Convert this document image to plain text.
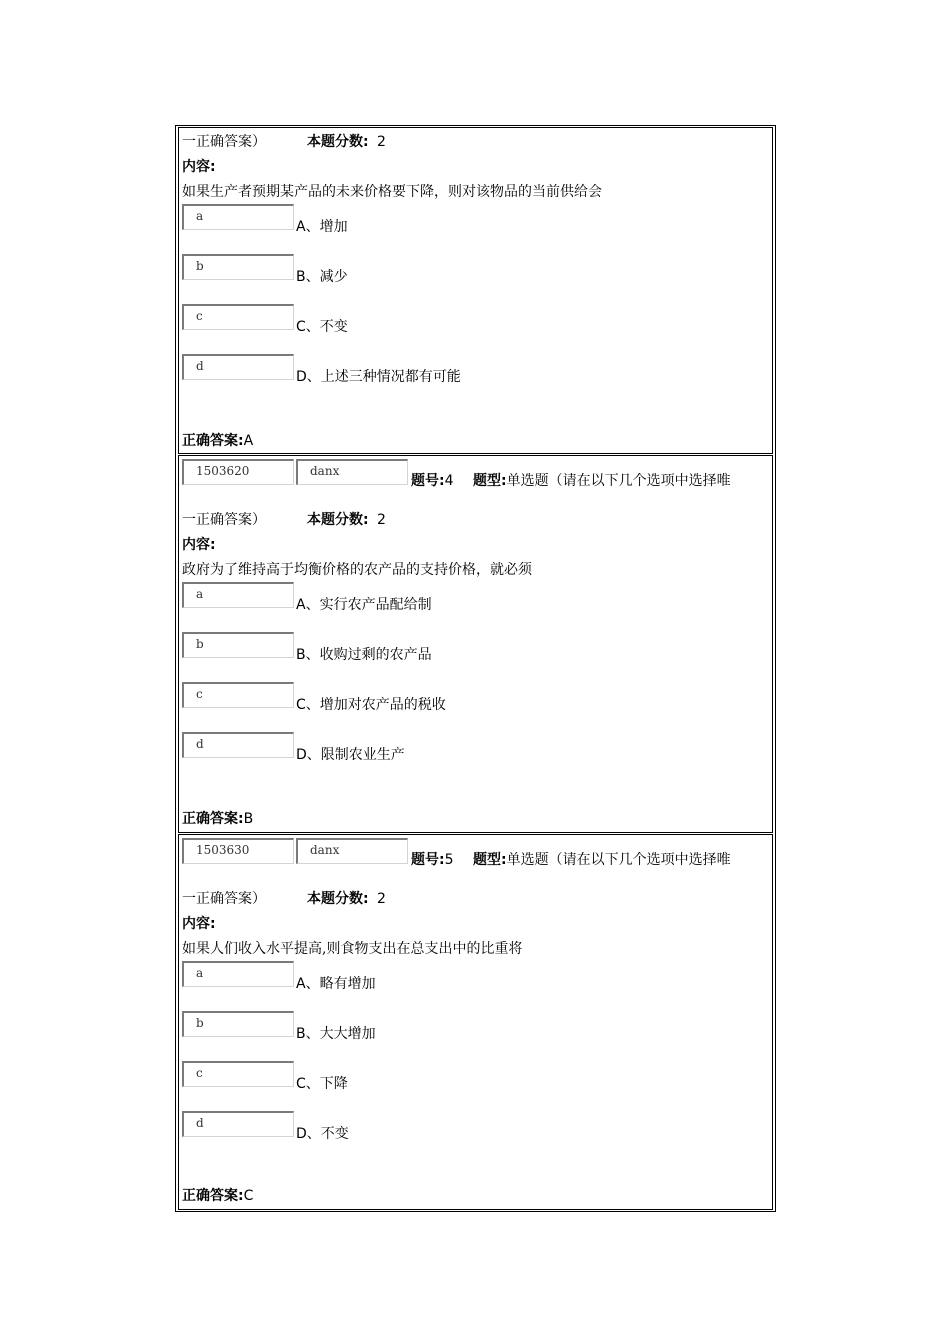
一正确答案）	本题分数: 2
内容:
如果生产者预期某产品的未来价格要下降，则对该物品的当前供给会
a
A、增加
b
B、减少
c
C、不变
d
D、上述三种情况都有可能
正确答案:A
1503620	danx
题号:4 题型:单选题（请在以下几个选项中选择唯
一正确答案）	本题分数: 2
内容:
政府为了维持高于均衡价格的农产品的支持价格，就必须
a
A、实行农产品配给制
b
B、收购过剩的农产品
c
C、增加对农产品的税收
d
D、限制农业生产
正确答案:B
1503630	danx
题号:5 题型:单选题（请在以下几个选项中选择唯
一正确答案）	本题分数: 2
内容:
如果人们收入水平提高,则食物支出在总支出中的比重将
a
A、略有增加
b
B、大大增加
c
C、下降
d
D、不变
正确答案:C
